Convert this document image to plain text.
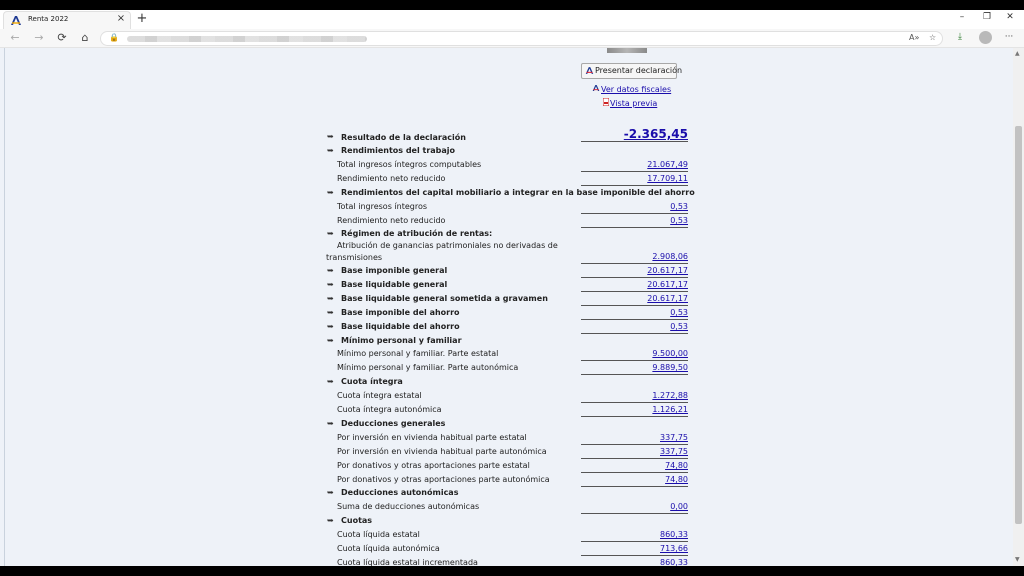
Renta 2022	× +	–	❐	✕
← → ⟳	⌂	🔒	A» ☆	⤓	···
Presentar declaración
Ver datos fiscales
Vista previa
➥ Resultado de la declaración	-2.365,45
➥ Rendimientos del trabajo
Total ingresos íntegros computables	21.067,49
Rendimiento neto reducido	17.709,11
➥ Rendimientos del capital mobiliario a integrar en la base imponible del ahorro
Total ingresos íntegros	0,53
Rendimiento neto reducido	0,53
➥ Régimen de atribución de rentas:
Atribución de ganancias patrimoniales no derivadas de
transmisiones	2.908,06
➥ Base imponible general	20.617,17
➥ Base liquidable general	20.617,17
➥ Base liquidable general sometida a gravamen	20.617,17
➥ Base imponible del ahorro	0,53
➥ Base liquidable del ahorro	0,53
➥ Mínimo personal y familiar
Mínimo personal y familiar. Parte estatal	9.500,00
Mínimo personal y familiar. Parte autonómica	9.889,50
➥ Cuota íntegra
Cuota íntegra estatal	1.272,88
Cuota íntegra autonómica	1.126,21
➥ Deducciones generales
Por inversión en vivienda habitual parte estatal	337,75
Por inversión en vivienda habitual parte autonómica	337,75
Por donativos y otras aportaciones parte estatal	74,80
Por donativos y otras aportaciones parte autonómica	74,80
➥ Deducciones autonómicas
Suma de deducciones autonómicas	0,00
➥ Cuotas
Cuota líquida estatal	860,33
Cuota líquida autonómica	713,66
Cuota líquida estatal incrementada	860,33
▲
▼
